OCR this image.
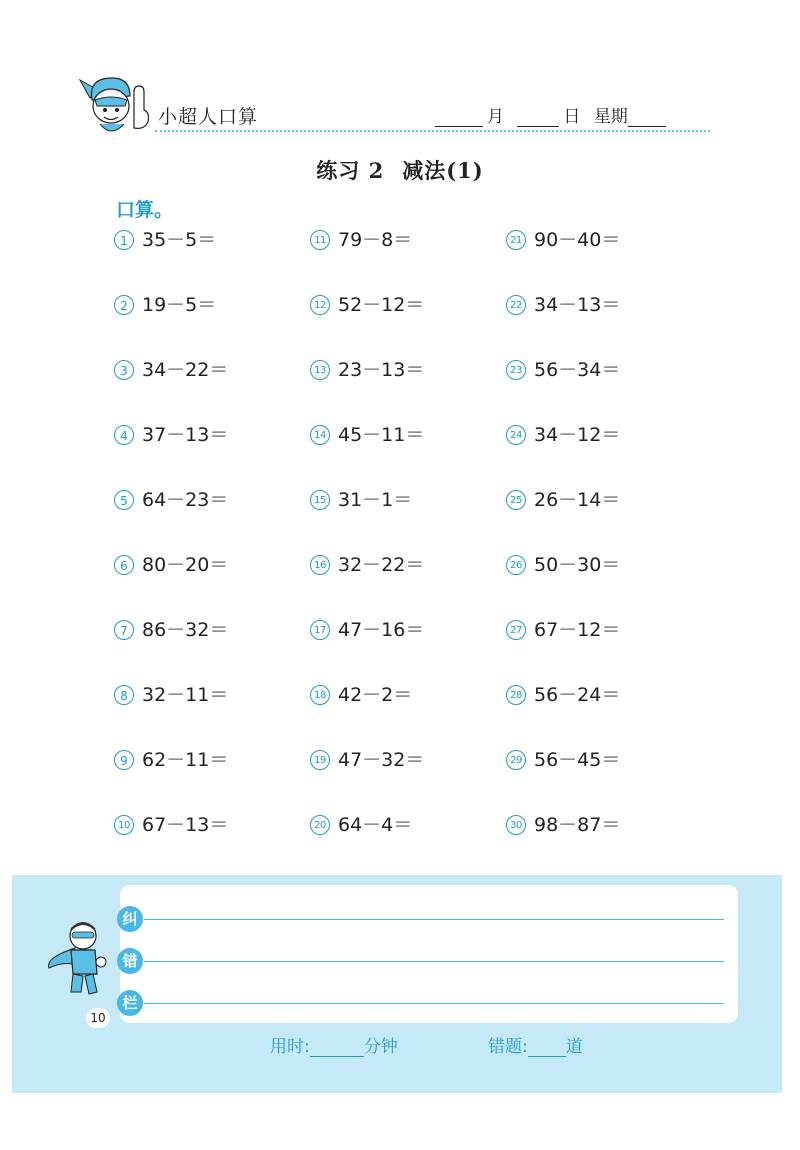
小超人口算	月	日 星期
练习 2 减法(1)
口算。
1 35－5＝
2 19－5＝
3 34－22＝
4 37－13＝
5 64－23＝
6 80－20＝
7 86－32＝
8 32－11＝
9 62－11＝
10 67－13＝
11 79－8＝
12 52－12＝
13 23－13＝
14 45－11＝
15 31－1＝
16 32－22＝
17 47－16＝
18 42－2＝
19 47－32＝
20 64－4＝
21 90－40＝
22 34－13＝
23 56－34＝
24 34－12＝
25 26－14＝
26 50－30＝
27 67－12＝
28 56－24＝
29 56－45＝
30 98－87＝
纠
错
栏
10
用时:	分钟	错题: 道
